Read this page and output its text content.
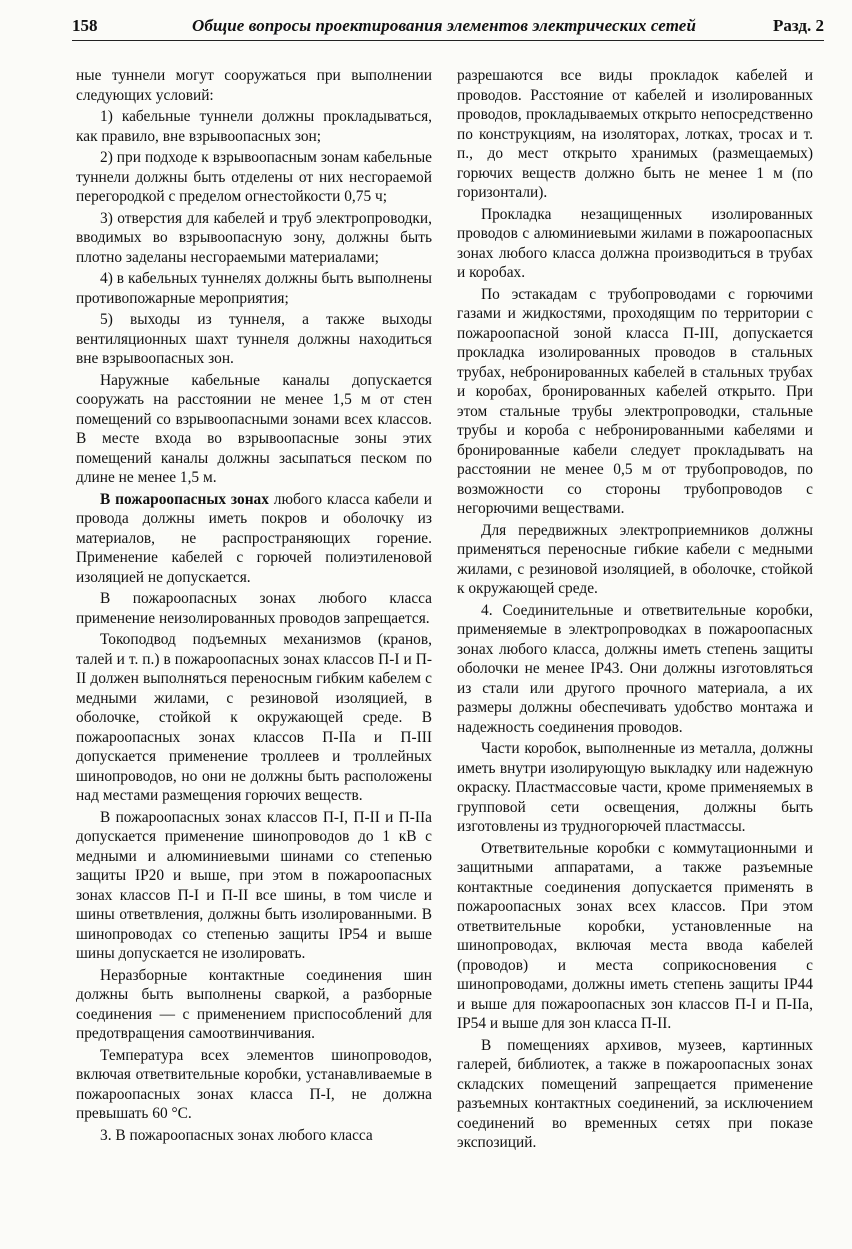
158	Общие вопросы проектирования элементов электрических сетей	Разд. 2

ные туннели могут сооружаться при выполнении следующих условий:

1) кабельные туннели должны прокладываться, как правило, вне взрывоопасных зон;

2) при подходе к взрывоопасным зонам кабельные туннели должны быть отделены от них несгораемой перегородкой с пределом огнестойкости 0,75 ч;

3) отверстия для кабелей и труб электропроводки, вводимых во взрывоопасную зону, должны быть плотно заделаны несгораемыми материалами;

4) в кабельных туннелях должны быть выполнены противопожарные мероприятия;

5) выходы из туннеля, а также выходы вентиляционных шахт туннеля должны находиться вне взрывоопасных зон.

Наружные кабельные каналы допускается сооружать на расстоянии не менее 1,5 м от стен помещений со взрывоопасными зонами всех классов. В месте входа во взрывоопасные зоны этих помещений каналы должны засыпаться песком по длине не менее 1,5 м.

В пожароопасных зонах любого класса кабели и провода должны иметь покров и оболочку из материалов, не распространяющих горение. Применение кабелей с горючей полиэтиленовой изоляцией не допускается.

В пожароопасных зонах любого класса применение неизолированных проводов запрещается.

Токоподвод подъемных механизмов (кранов, талей и т. п.) в пожароопасных зонах классов П-I и П-II должен выполняться переносным гибким кабелем с медными жилами, с резиновой изоляцией, в оболочке, стойкой к окружающей среде. В пожароопасных зонах классов П-IIа и П-III допускается применение троллеев и троллейных шинопроводов, но они не должны быть расположены над местами размещения горючих веществ.

В пожароопасных зонах классов П-I, П-II и П-IIа допускается применение шинопроводов до 1 кВ с медными и алюминиевыми шинами со степенью защиты IP20 и выше, при этом в пожароопасных зонах классов П-I и П-II все шины, в том числе и шины ответвления, должны быть изолированными. В шинопроводах со степенью защиты IP54 и выше шины допускается не изолировать.

Неразборные контактные соединения шин должны быть выполнены сваркой, а разборные соединения — с применением приспособлений для предотвращения самоотвинчивания.

Температура всех элементов шинопроводов, включая ответвительные коробки, устанавливаемые в пожароопасных зонах класса П-I, не должна превышать 60 °С.

3. В пожароопасных зонах любого класса

разрешаются все виды прокладок кабелей и проводов. Расстояние от кабелей и изолированных проводов, прокладываемых открыто непосредственно по конструкциям, на изоляторах, лотках, тросах и т. п., до мест открыто хранимых (размещаемых) горючих веществ должно быть не менее 1 м (по горизонтали).

Прокладка незащищенных изолированных проводов с алюминиевыми жилами в пожароопасных зонах любого класса должна производиться в трубах и коробах.

По эстакадам с трубопроводами с горючими газами и жидкостями, проходящим по территории с пожароопасной зоной класса П-III, допускается прокладка изолированных проводов в стальных трубах, небронированных кабелей в стальных трубах и коробах, бронированных кабелей открыто. При этом стальные трубы электропроводки, стальные трубы и короба с небронированными кабелями и бронированные кабели следует прокладывать на расстоянии не менее 0,5 м от трубопроводов, по возможности со стороны трубопроводов с негорючими веществами.

Для передвижных электроприемников должны применяться переносные гибкие кабели с медными жилами, с резиновой изоляцией, в оболочке, стойкой к окружающей среде.

4. Соединительные и ответвительные коробки, применяемые в электропроводках в пожароопасных зонах любого класса, должны иметь степень защиты оболочки не менее IP43. Они должны изготовляться из стали или другого прочного материала, а их размеры должны обеспечивать удобство монтажа и надежность соединения проводов.

Части коробок, выполненные из металла, должны иметь внутри изолирующую выкладку или надежную окраску. Пластмассовые части, кроме применяемых в групповой сети освещения, должны быть изготовлены из трудногорючей пластмассы.

Ответвительные коробки с коммутационными и защитными аппаратами, а также разъемные контактные соединения допускается применять в пожароопасных зонах всех классов. При этом ответвительные коробки, установленные на шинопроводах, включая места ввода кабелей (проводов) и места соприкосновения с шинопроводами, должны иметь степень защиты IP44 и выше для пожароопасных зон классов П-I и П-IIа, IP54 и выше для зон класса П-II.

В помещениях архивов, музеев, картинных галерей, библиотек, а также в пожароопасных зонах складских помещений запрещается применение разъемных контактных соединений, за исключением соединений во временных сетях при показе экспозиций.
